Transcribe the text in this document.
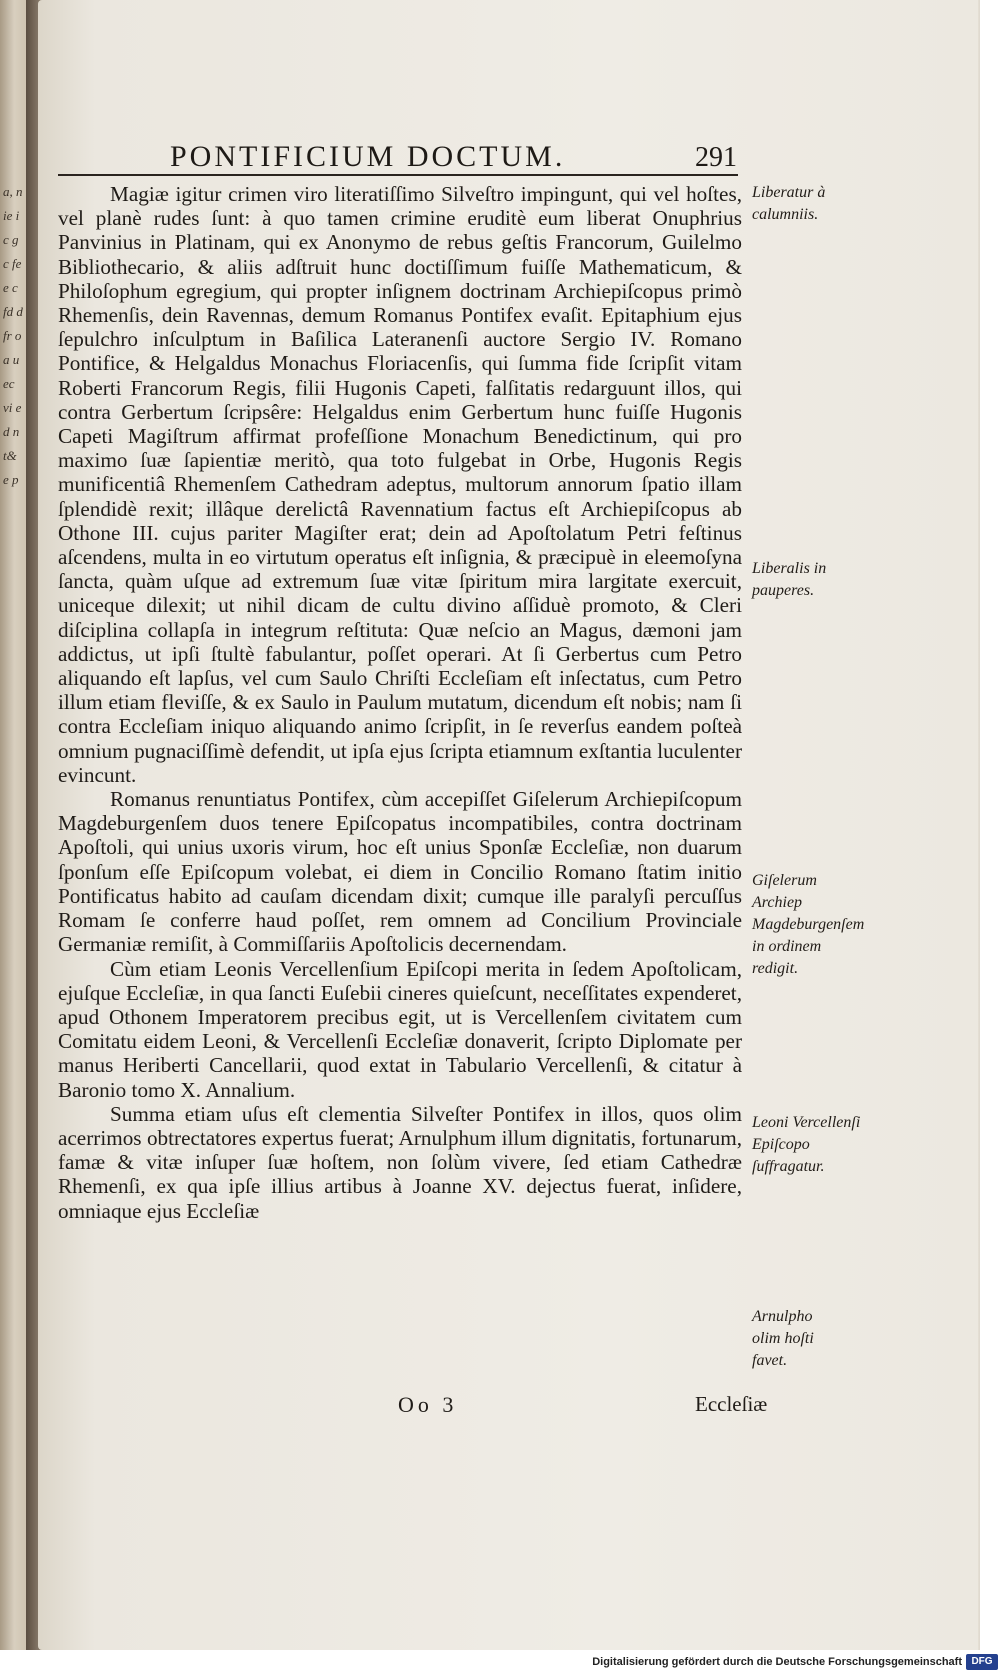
a, n ie ic g c fe e c fd d fr o a u ec vi ed n t& e p
PONTIFICIUM DOCTUM.	291

Magiæ igitur crimen viro literatiſſimo Silveſtro impingunt, qui vel hoſtes, vel planè rudes ſunt: à quo tamen crimine eruditè eum liberat Onuphrius Panvinius in Platinam, qui ex Anonymo de rebus geſtis Francorum, Guilelmo Bibliothecario, & aliis adſtruit hunc doctiſſimum fuiſſe Mathematicum, & Philoſophum egregium, qui propter inſignem doctrinam Archiepiſcopus primò Rhemenſis, dein Ravennas, demum Romanus Pontifex evaſit. Epitaphium ejus ſepulchro inſculptum in Baſilica Lateranenſi auctore Sergio IV. Romano Pontifice, & Helgaldus Monachus Floriacenſis, qui ſumma fide ſcripſit vitam Roberti Francorum Regis, filii Hugonis Capeti, falſitatis redarguunt illos, qui contra Gerbertum ſcripsêre: Helgaldus enim Gerbertum hunc fuiſſe Hugonis Capeti Magiſtrum affirmat profeſſione Monachum Benedictinum, qui pro maximo ſuæ ſapientiæ meritò, qua toto fulgebat in Orbe, Hugonis Regis munificentiâ Rhemenſem Cathedram adeptus, multorum annorum ſpatio illam ſplendidè rexit; illâque derelictâ Ravennatium factus eſt Archiepiſcopus ab Othone III. cujus pariter Magiſter erat; dein ad Apoſtolatum Petri feſtinus aſcendens, multa in eo virtutum operatus eſt inſignia, & præcipuè in eleemoſyna ſancta, quàm uſque ad extremum ſuæ vitæ ſpiritum mira largitate exercuit, uniceque dilexit; ut nihil dicam de cultu divino aſſiduè promoto, & Cleri diſciplina collapſa in integrum reſtituta: Quæ neſcio an Magus, dæmoni jam addictus, ut ipſi ſtultè fabulantur, poſſet operari. At ſi Gerbertus cum Petro aliquando eſt lapſus, vel cum Saulo Chriſti Eccleſiam eſt inſectatus, cum Petro illum etiam fleviſſe, & ex Saulo in Paulum mutatum, dicendum eſt nobis; nam ſi contra Eccleſiam iniquo aliquando animo ſcripſit, in ſe reverſus eandem poſteà omnium pugnaciſſimè defendit, ut ipſa ejus ſcripta etiamnum exſtantia luculenter evincunt.

Romanus renuntiatus Pontifex, cùm accepiſſet Giſelerum Archiepiſcopum Magdeburgenſem duos tenere Epiſcopatus incompatibiles, contra doctrinam Apoſtoli, qui unius uxoris virum, hoc eſt unius Sponſæ Eccleſiæ, non duarum ſponſum eſſe Epiſcopum volebat, ei diem in Concilio Romano ſtatim initio Pontificatus habito ad cauſam dicendam dixit; cumque ille paralyſi percuſſus Romam ſe conferre haud poſſet, rem omnem ad Concilium Provinciale Germaniæ remiſit, à Commiſſariis Apoſtolicis decernendam.

Cùm etiam Leonis Vercellenſium Epiſcopi merita in ſedem Apoſtolicam, ejuſque Eccleſiæ, in qua ſancti Euſebii cineres quieſcunt, neceſſitates expenderet, apud Othonem Imperatorem precibus egit, ut is Vercellenſem civitatem cum Comitatu eidem Leoni, & Vercellenſi Eccleſiæ donaverit, ſcripto Diplomate per manus Heriberti Cancellarii, quod extat in Tabulario Vercellenſi, & citatur à Baronio tomo X. Annalium.

Summa etiam uſus eſt clementia Silveſter Pontifex in illos, quos olim acerrimos obtrectatores expertus fuerat; Arnulphum illum dignitatis, fortunarum, famæ & vitæ inſuper ſuæ hoſtem, non ſolùm vivere, ſed etiam Cathedræ Rhemenſi, ex qua ipſe illius artibus à Joanne XV. dejectus fuerat, inſidere, omniaque ejus Eccleſiæ

Liberatur à calumniis.
Liberalis in pauperes.
Giſelerum Archiep Magdeburgenſem in ordinem redigit.
Leoni Vercellenſi Epiſcopo ſuffragatur.
Arnulpho olim hoſti favet.
Oo 3	Eccleſiæ
Digitalisierung gefördert durch die Deutsche Forschungsgemeinschaft DFG
